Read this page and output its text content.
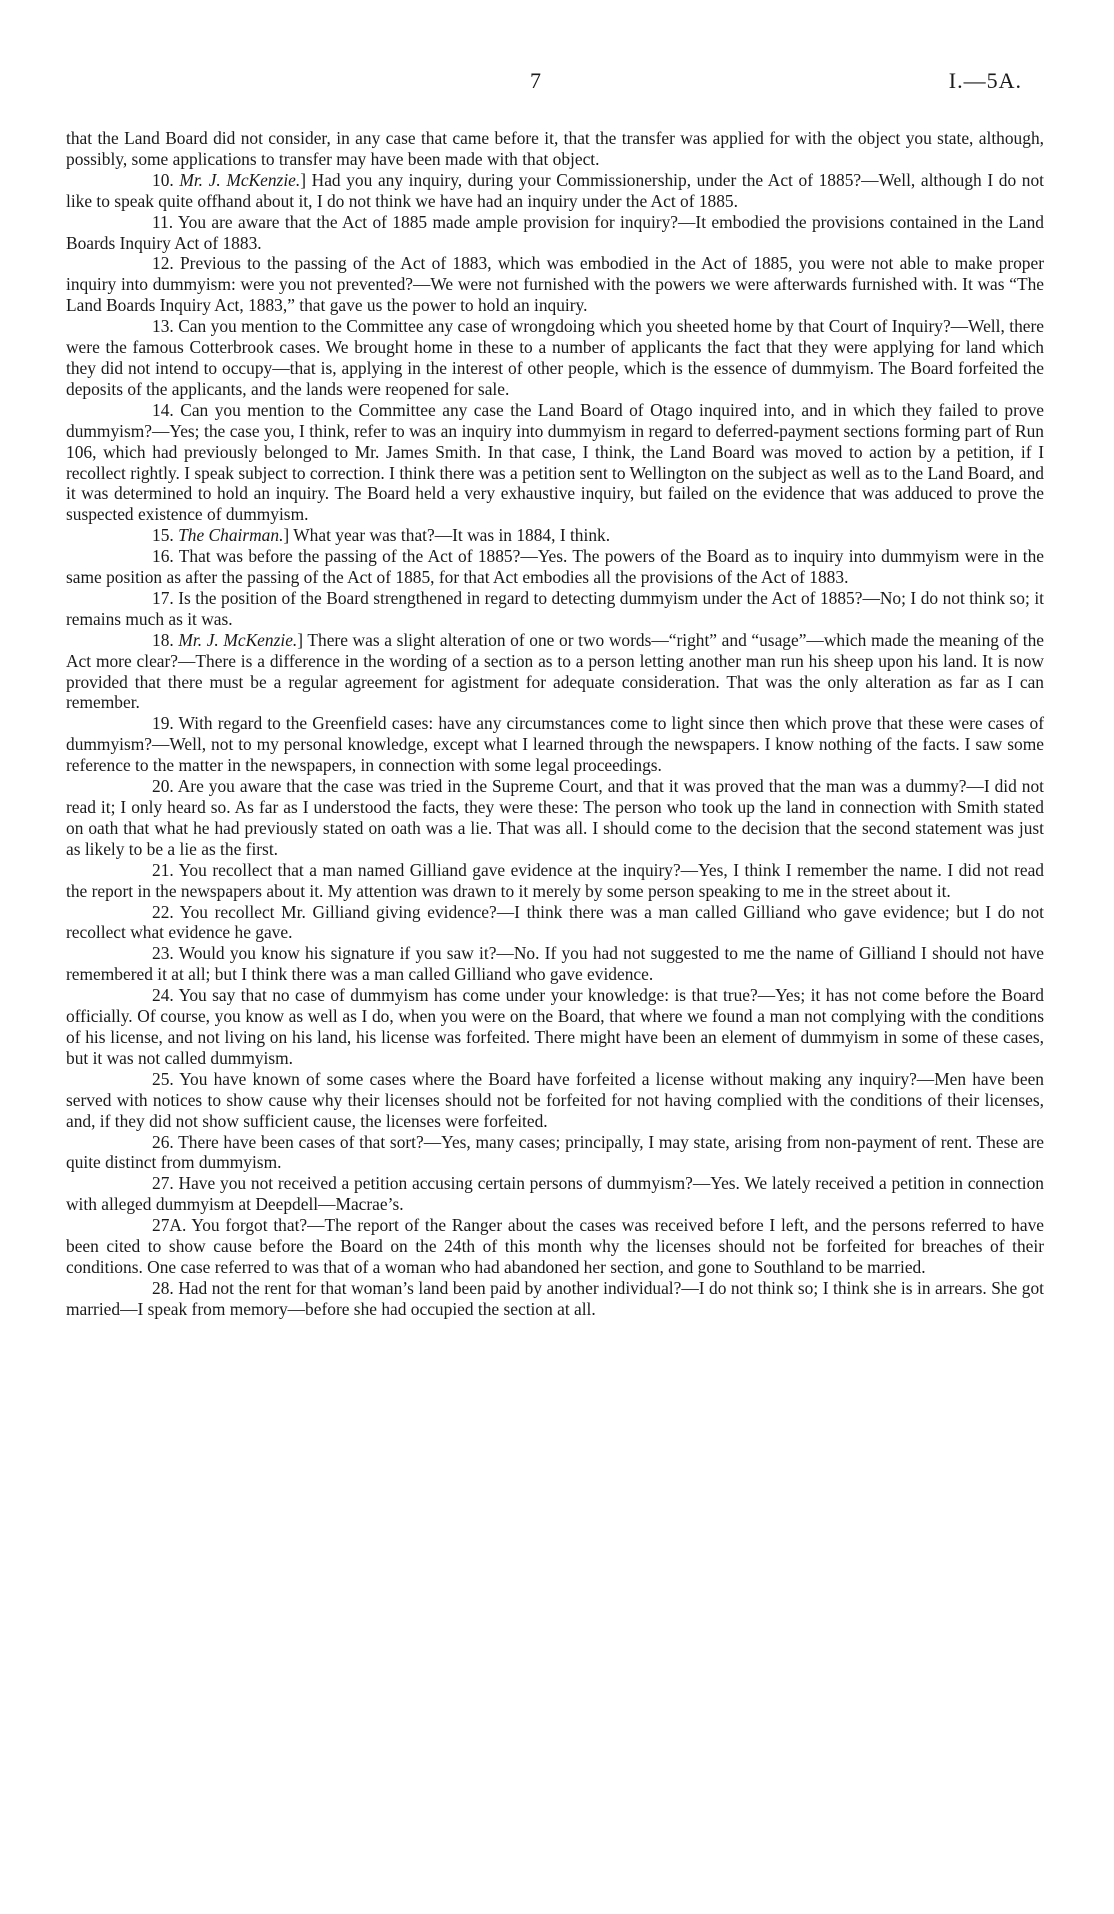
7	I.—5A.

that the Land Board did not consider, in any case that came before it, that the transfer was applied for with the object you state, although, possibly, some applications to transfer may have been made with that object.

10. Mr. J. McKenzie.] Had you any inquiry, during your Commissionership, under the Act of 1885?—Well, although I do not like to speak quite offhand about it, I do not think we have had an inquiry under the Act of 1885.

11. You are aware that the Act of 1885 made ample provision for inquiry?—It embodied the provisions contained in the Land Boards Inquiry Act of 1883.

12. Previous to the passing of the Act of 1883, which was embodied in the Act of 1885, you were not able to make proper inquiry into dummyism: were you not prevented?—We were not furnished with the powers we were afterwards furnished with. It was “The Land Boards Inquiry Act, 1883,” that gave us the power to hold an inquiry.

13. Can you mention to the Committee any case of wrongdoing which you sheeted home by that Court of Inquiry?—Well, there were the famous Cotterbrook cases. We brought home in these to a number of applicants the fact that they were applying for land which they did not intend to occupy—that is, applying in the interest of other people, which is the essence of dummyism. The Board forfeited the deposits of the applicants, and the lands were reopened for sale.

14. Can you mention to the Committee any case the Land Board of Otago inquired into, and in which they failed to prove dummyism?—Yes; the case you, I think, refer to was an inquiry into dummyism in regard to deferred-payment sections forming part of Run 106, which had previously belonged to Mr. James Smith. In that case, I think, the Land Board was moved to action by a petition, if I recollect rightly. I speak subject to correction. I think there was a petition sent to Wellington on the subject as well as to the Land Board, and it was determined to hold an inquiry. The Board held a very exhaustive inquiry, but failed on the evidence that was adduced to prove the suspected existence of dummyism.

15. The Chairman.] What year was that?—It was in 1884, I think.

16. That was before the passing of the Act of 1885?—Yes. The powers of the Board as to inquiry into dummyism were in the same position as after the passing of the Act of 1885, for that Act embodies all the provisions of the Act of 1883.

17. Is the position of the Board strengthened in regard to detecting dummyism under the Act of 1885?—No; I do not think so; it remains much as it was.

18. Mr. J. McKenzie.] There was a slight alteration of one or two words—“right” and “usage”—which made the meaning of the Act more clear?—There is a difference in the wording of a section as to a person letting another man run his sheep upon his land. It is now provided that there must be a regular agreement for agistment for adequate consideration. That was the only alteration as far as I can remember.

19. With regard to the Greenfield cases: have any circumstances come to light since then which prove that these were cases of dummyism?—Well, not to my personal knowledge, except what I learned through the newspapers. I know nothing of the facts. I saw some reference to the matter in the newspapers, in connection with some legal proceedings.

20. Are you aware that the case was tried in the Supreme Court, and that it was proved that the man was a dummy?—I did not read it; I only heard so. As far as I understood the facts, they were these: The person who took up the land in connection with Smith stated on oath that what he had previously stated on oath was a lie. That was all. I should come to the decision that the second statement was just as likely to be a lie as the first.

21. You recollect that a man named Gilliand gave evidence at the inquiry?—Yes, I think I remember the name. I did not read the report in the newspapers about it. My attention was drawn to it merely by some person speaking to me in the street about it.

22. You recollect Mr. Gilliand giving evidence?—I think there was a man called Gilliand who gave evidence; but I do not recollect what evidence he gave.

23. Would you know his signature if you saw it?—No. If you had not suggested to me the name of Gilliand I should not have remembered it at all; but I think there was a man called Gilliand who gave evidence.

24. You say that no case of dummyism has come under your knowledge: is that true?—Yes; it has not come before the Board officially. Of course, you know as well as I do, when you were on the Board, that where we found a man not complying with the conditions of his license, and not living on his land, his license was forfeited. There might have been an element of dummyism in some of these cases, but it was not called dummyism.

25. You have known of some cases where the Board have forfeited a license without making any inquiry?—Men have been served with notices to show cause why their licenses should not be forfeited for not having complied with the conditions of their licenses, and, if they did not show sufficient cause, the licenses were forfeited.

26. There have been cases of that sort?—Yes, many cases; principally, I may state, arising from non-payment of rent. These are quite distinct from dummyism.

27. Have you not received a petition accusing certain persons of dummyism?—Yes. We lately received a petition in connection with alleged dummyism at Deepdell—Macrae’s.

27A. You forgot that?—The report of the Ranger about the cases was received before I left, and the persons referred to have been cited to show cause before the Board on the 24th of this month why the licenses should not be forfeited for breaches of their conditions. One case referred to was that of a woman who had abandoned her section, and gone to Southland to be married.

28. Had not the rent for that woman’s land been paid by another individual?—I do not think so; I think she is in arrears. She got married—I speak from memory—before she had occupied the section at all.
